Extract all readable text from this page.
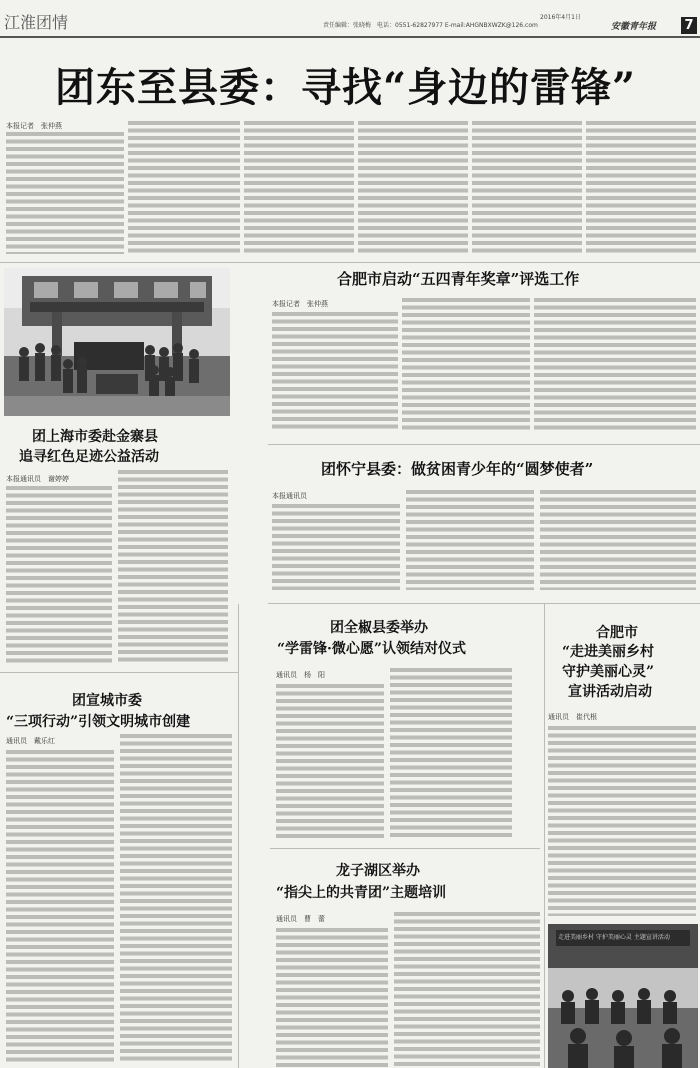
江淮团情	责任编辑：张晓梅　电话：0551-62827977 E-mail:AHGNBXWZK@126.com
2016年4月1日
安徽青年报 7
团东至县委：寻找“身边的雷锋”
本报记者　张仲燕
合肥市启动“五四青年奖章”评选工作
本报记者　张仲燕
团上海市委赴金寨县
追寻红色足迹公益活动
本报通讯员　谢婷婷
团怀宁县委：做贫困青少年的“圆梦使者”
本报通讯员
团宣城市委
“三项行动”引领文明城市创建
通讯员　戴乐红
团全椒县委举办
“学雷锋·微心愿”认领结对仪式
通讯员　杨　阳
合肥市
“走进美丽乡村
守护美丽心灵”
宣讲活动启动
通讯员　崔代根
走进美丽乡村 守护美丽心灵 主题宣讲活动
龙子湖区举办
“指尖上的共青团”主题培训
通讯员　曹　蕾
